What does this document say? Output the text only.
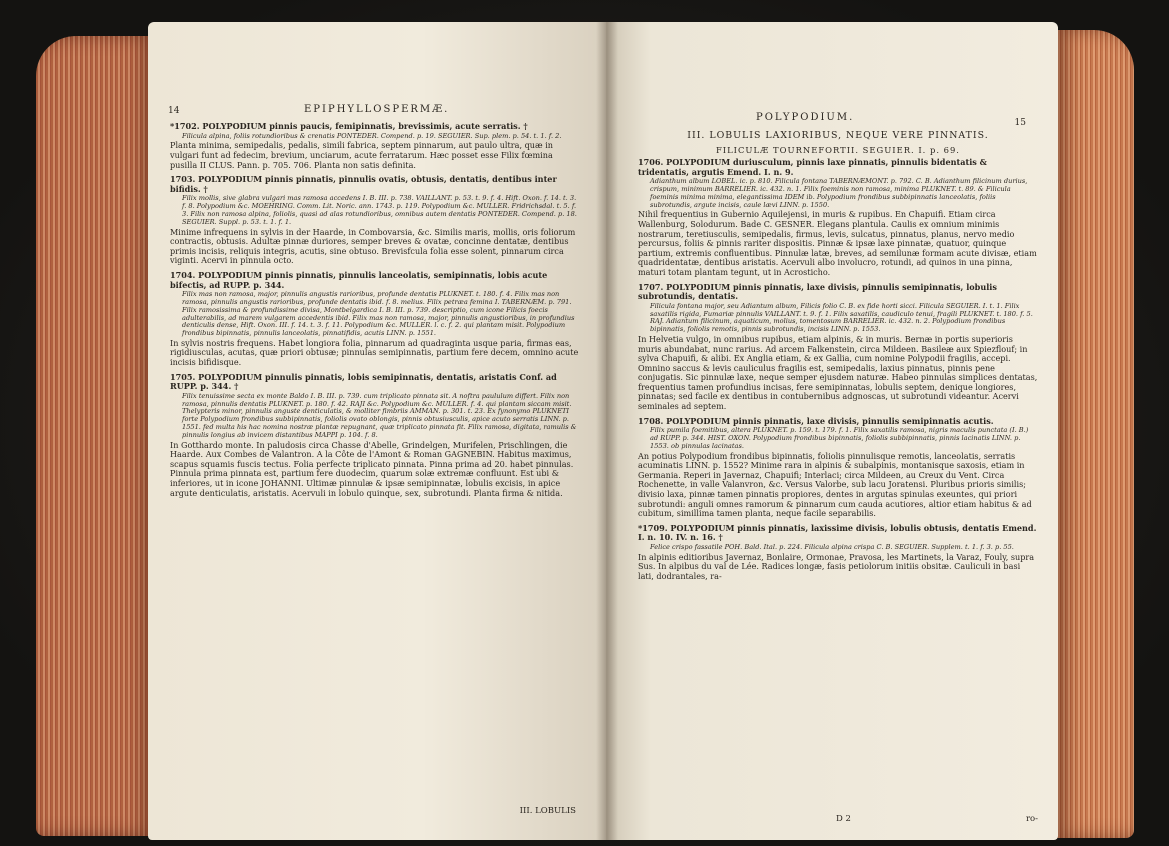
14	EPIPHYLLOSPERMÆ.
*1702. POLYPODIUM pinnis paucis, femipinnatis, brevissimis, acute serratis. †
Filicula alpina, foliis rotundioribus & crenatis PONTEDER. Compend. p. 19. SEGUIER. Sup. plem. p. 54. t. 1. f. 2.
Planta minima, semipedalis, pedalis, simili fabrica, septem pinnarum, aut paulo ultra, quæ in vulgari funt ad fedecim, brevium, unciarum, acute ferratarum. Hæc posset esse Filix fœmina pusilla II CLUS. Pann. p. 705. 706. Planta non satis definita.
1703. POLYPODIUM pinnis pinnatis, pinnulis ovatis, obtusis, dentatis, dentibus inter bifidis. †
Filix mollis, sive glabra vulgari mas ramosa accedens I. B. III. p. 738. VAILLANT. p. 53. t. 9. f. 4. Hift. Oxon. f. 14. t. 3. f. 8. Polypodium &c. MOEHRING. Comm. Lit. Noric. ann. 1743. p. 119. Polypodium &c. MULLER. Fridrichsdal. t. 5. f. 3. Filix non ramosa alpina, foliolis, quasi ad alas rotundioribus, omnibus autem dentatis PONTEDER. Compend. p. 18. SEGUIER. Suppl. p. 53. t. 1. f. 1.
Minime infrequens in sylvis in der Haarde, in Combovarsia, &c. Similis maris, mollis, oris foliorum contractis, obtusis. Adultæ pinnæ duriores, semper breves & ovatæ, concinne dentatæ, dentibus primis incisis, reliquis integris, acutis, sine obtuso. Brevisfcula folia esse solent, pinnarum circa viginti. Acervi in pinnula octo.
1704. POLYPODIUM pinnis pinnatis, pinnulis lanceolatis, semipinnatis, lobis acute bifectis, ad RUPP. p. 344.
Filix mas non ramosa, major, pinnulis angustis rarioribus, profunde dentatis PLUKNET. t. 180. f. 4. Filix mas non ramosa, pinnulis angustis rarioribus, profunde dentatis ibid. f. 8. melius. Filix petræa femina I. TABERNÆM. p. 791. Filix ramosissima & profundissime divisa, Montbelgardica I. B. III. p. 739. descriptio, cum icone Filicis foecis adulterabilis, ad marem vulgarem accedentis ibid. Filix mas non ramosa, major, pinnulis angustioribus, in profundius denticulis dense, Hift. Oxon. III. f. 14. t. 3. f. 11. Polypodium &c. MULLER. l. c. f. 2. qui plantam misit. Polypodium frondibus bipinnatis, pinnulis lanceolatis, pinnatifidis, acutis LINN. p. 1551.
In sylvis nostris frequens. Habet longiora folia, pinnarum ad quadraginta usque paria, firmas eas, rigidiusculas, acutas, quæ priori obtusæ; pinnulas semipinnatis, partium fere decem, omnino acute incisis bifidisque.
1705. POLYPODIUM pinnulis pinnatis, lobis semipinnatis, dentatis, aristatis Conf. ad RUPP. p. 344. †
Filix tenuissime secta ex monte Baldo I. B. III. p. 739. cum triplicato pinnata sit. A noftra paululum differt. Filix non ramosa, pinnulis dentatis PLUKNET. p. 180. f. 42. RAJI &c. Polypodium &c. MULLER. f. 4. qui plantam siccam misit. Thelypteris minor, pinnulis anguste denticulatis, & molliter fimbriis AMMAN. p. 301. t. 23. Ex fynonymo PLUKNETI forte Polypodium frondibus subbipinnatis, foliolis ovato oblongis, pinnis obtusiusculis, apice acuto serratis LINN. p. 1551. fed multa his hac nomina nostræ plantæ repugnant, quæ triplicato pinnata fit. Filix ramosa, digitata, ramulis & pinnulis longius ab invicem distantibus MAPPI p. 104. f. 8.
In Gotthardo monte. In paludosis circa Chasse d'Abelle, Grindelgen, Murifelen, Prischlingen, die Haarde. Aux Combes de Valantron. A la Côte de l'Amont & Roman GAGNEBIN. Habitus maximus, scapus squamis fuscis tectus. Folia perfecte triplicato pinnata. Pinna prima ad 20. habet pinnulas. Pinnula prima pinnata est, partium fere duodecim, quarum solæ extremæ confluunt. Est ubi & inferiores, ut in icone JOHANNI. Ultimæ pinnulæ & ipsæ semipinnatæ, lobulis excisis, in apice argute denticulatis, aristatis. Acervuli in lobulo quinque, sex, subrotundi. Planta firma & nitida.
III. LOBULIS
POLYPODIUM.	15
III. LOBULIS LAXIORIBUS, NEQUE VERE PINNATIS.
FILICULÆ TOURNEFORTII. SEGUIER. I. p. 69.
1706. POLYPODIUM duriusculum, pinnis laxe pinnatis, pinnulis bidentatis & tridentatis, argutis Emend. I. n. 9.
Adianthum album LOBEL. ic. p. 810. Filicula fontana TABERNÆMONT. p. 792. C. B. Adianthum filicinum durius, crispum, minimum BARRELIER. ic. 432. n. 1. Filix foeminis non ramosa, minima PLUKNET. t. 89. & Filicula foeminis minima minima, elegantissima IDEM ib. Polypodium frondibus subbipinnatis lanceolatis, foliis subrotundis, argute incisis, caule lævi LINN. p. 1550.
Nihil frequentius in Gubernio Aquilejensi, in muris & rupibus. En Chapuifi. Etiam circa Wallenburg, Solodurum. Bade C. GESNER. Elegans plantula. Caulis ex omnium minimis nostrarum, teretiusculis, semipedalis, firmus, levis, sulcatus, pinnatus, planus, nervo medio percursus, foliis & pinnis rariter dispositis. Pinnæ & ipsæ laxe pinnatæ, quatuor, quinque partium, extremis confluentibus. Pinnulæ latæ, breves, ad semilunæ formam acute divisæ, etiam quadridentatæ, dentibus aristatis. Acervuli albo involucro, rotundi, ad quinos in una pinna, maturi totam plantam tegunt, ut in Acrosticho.
1707. POLYPODIUM pinnis pinnatis, laxe divisis, pinnulis semipinnatis, lobulis subrotundis, dentatis.
Filicula fontana major, seu Adiantum album, Filicis folio C. B. ex fide horti sicci. Filicula SEGUIER. I. t. 1. Filix saxatilis rigida, Fumariæ pinnulis VAILLANT. t. 9. f. 1. Filix saxatilis, caudiculo tenui, fragili PLUKNET. t. 180. f. 5. RAJ. Adiantum filicinum, aquaticum, molius, tomentosum BARRELIER. ic. 432. n. 2. Polypodium frondibus bipinnatis, foliolis remotis, pinnis subrotundis, incisis LINN. p. 1553.
In Helvetia vulgo, in omnibus rupibus, etiam alpinis, & in muris. Bernæ in portis superioris muris abundabat, nunc rarius. Ad arcem Falkenstein, circa Mildeen. Basileæ aux Spiezflouf; in sylva Chapuifi, & alibi. Ex Anglia etiam, & ex Gallia, cum nomine Polypodii fragilis, accepi. Omnino saccus & levis cauliculus fragilis est, semipedalis, laxius pinnatus, pinnis pene conjugatis. Sic pinnulæ laxe, neque semper ejusdem naturæ. Habeo pinnulas simplices dentatas, frequentius tamen profundius incisas, fere semipinnatas, lobulis septem, denique longiores, pinnatas; sed facile ex dentibus in contubernibus adgnoscas, ut subrotundi videantur. Acervi seminales ad septem.
1708. POLYPODIUM pinnis pinnatis, laxe divisis, pinnulis semipinnatis acutis.
Filix pumila foemitibus, altera PLUKNET. p. 159. t. 179. f. 1. Filix saxatilis ramosa, nigris maculis punctata (I. B.) ad RUPP. p. 344. HIST. OXON. Polypodium frondibus bipinnatis, foliolis subbipinnatis, pinnis lacinatis LINN. p. 1553. ob pinnulas lacinatas.
An potius Polypodium frondibus bipinnatis, foliolis pinnulisque remotis, lanceolatis, serratis acuminatis LINN. p. 1552? Minime rara in alpinis & subalpinis, montanisque saxosis, etiam in Germania. Reperi in Javernaz, Chapuifi; Interlaci; circa Mildeen, au Creux du Vent. Circa Rochenette, in valle Valanvron, &c. Versus Valorbe, sub lacu Joratensi. Pluribus prioris similis; divisio laxa, pinnæ tamen pinnatis propiores, dentes in argutas spinulas exeuntes, qui priori subrotundi: anguli omnes ramorum & pinnarum cum cauda acutiores, altior etiam habitus & ad cubitum, simillima tamen planta, neque facile separabilis.
*1709. POLYPODIUM pinnis pinnatis, laxissime divisis, lobulis obtusis, dentatis Emend. I. n. 10. IV. n. 16. †
Felice crispo fassatile POH. Bald. Ital. p. 224. Filicula alpina crispa C. B. SEGUIER. Supplem. t. 1. f. 3. p. 55.
In alpinis editioribus Javernaz, Bonlaire, Ormonae, Pravosa, les Martinets, la Varaz, Fouly, supra Sus. In alpibus du val de Lée. Radices longæ, fasis petiolorum initiis obsitæ. Cauliculi in basi lati, dodrantales, ra-
D 2	ro-
